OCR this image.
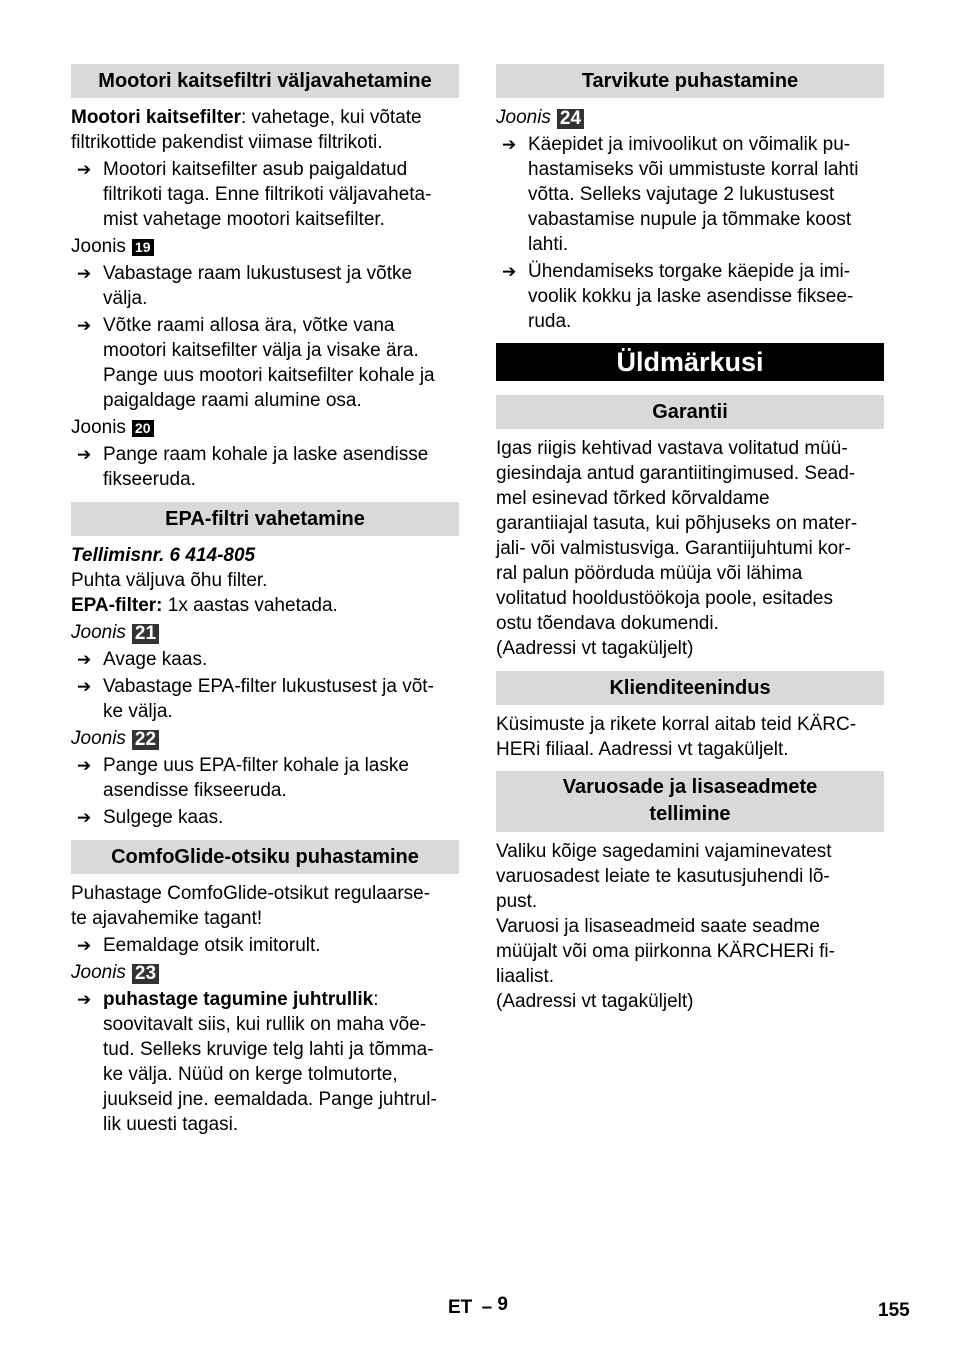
Mootori kaitsefiltri väljavahetamine
Mootori kaitsefilter: vahetage, kui võtate
filtrikottide pakendist viimase filtrikoti.
➔ Mootori kaitsefilter asub paigaldatud
filtrikoti taga. Enne filtrikoti väljavaheta-
mist vahetage mootori kaitsefilter.
Joonis 19
➔ Vabastage raam lukustusest ja võtke
välja.
➔ Võtke raami allosa ära, võtke vana
mootori kaitsefilter välja ja visake ära.
Pange uus mootori kaitsefilter kohale ja
paigaldage raami alumine osa.
Joonis 20
➔ Pange raam kohale ja laske asendisse
fikseeruda.
EPA-filtri vahetamine
Tellimisnr. 6 414-805
Puhta väljuva õhu filter.
EPA-filter: 1x aastas vahetada.
Joonis 21
➔ Avage kaas.
➔ Vabastage EPA-filter lukustusest ja võt-
ke välja.
Joonis 22
➔ Pange uus EPA-filter kohale ja laske
asendisse fikseeruda.
➔ Sulgege kaas.
ComfoGlide-otsiku puhastamine
Puhastage ComfoGlide-otsikut regulaarse-
te ajavahemike tagant!
➔ Eemaldage otsik imitorult.
Joonis 23
➔ puhastage tagumine juhtrullik:
soovitavalt siis, kui rullik on maha võe-
tud. Selleks kruvige telg lahti ja tõmma-
ke välja. Nüüd on kerge tolmutorte,
juukseid jne. eemaldada. Pange juhtrul-
lik uuesti tagasi.
Tarvikute puhastamine
Joonis 24
➔ Käepidet ja imivoolikut on võimalik pu-
hastamiseks või ummistuste korral lahti
võtta. Selleks vajutage 2 lukustusest
vabastamise nupule ja tõmmake koost
lahti.
➔ Ühendamiseks torgake käepide ja imi-
voolik kokku ja laske asendisse fiksee-
ruda.
Üldmärkusi
Garantii
Igas riigis kehtivad vastava volitatud müü-
giesindaja antud garantiitingimused. Sead-
mel esinevad tõrked kõrvaldame
garantiiajal tasuta, kui põhjuseks on mater-
jali- või valmistusviga. Garantiijuhtumi kor-
ral palun pöörduda müüja või lähima
volitatud hooldustöökoja poole, esitades
ostu tõendava dokumendi.
(Aadressi vt tagaküljelt)
Klienditeenindus
Küsimuste ja rikete korral aitab teid KÄRC-
HERi filiaal. Aadressi vt tagaküljelt.
Varuosade ja lisaseadmete
tellimine
Valiku kõige sagedamini vajaminevatest
varuosadest leiate te kasutusjuhendi lõ-
pust.
Varuosi ja lisaseadmeid saate seadme
müüjalt või oma piirkonna KÄRCHERi fi-
liaalist.
(Aadressi vt tagaküljelt)
ET – 9	155
